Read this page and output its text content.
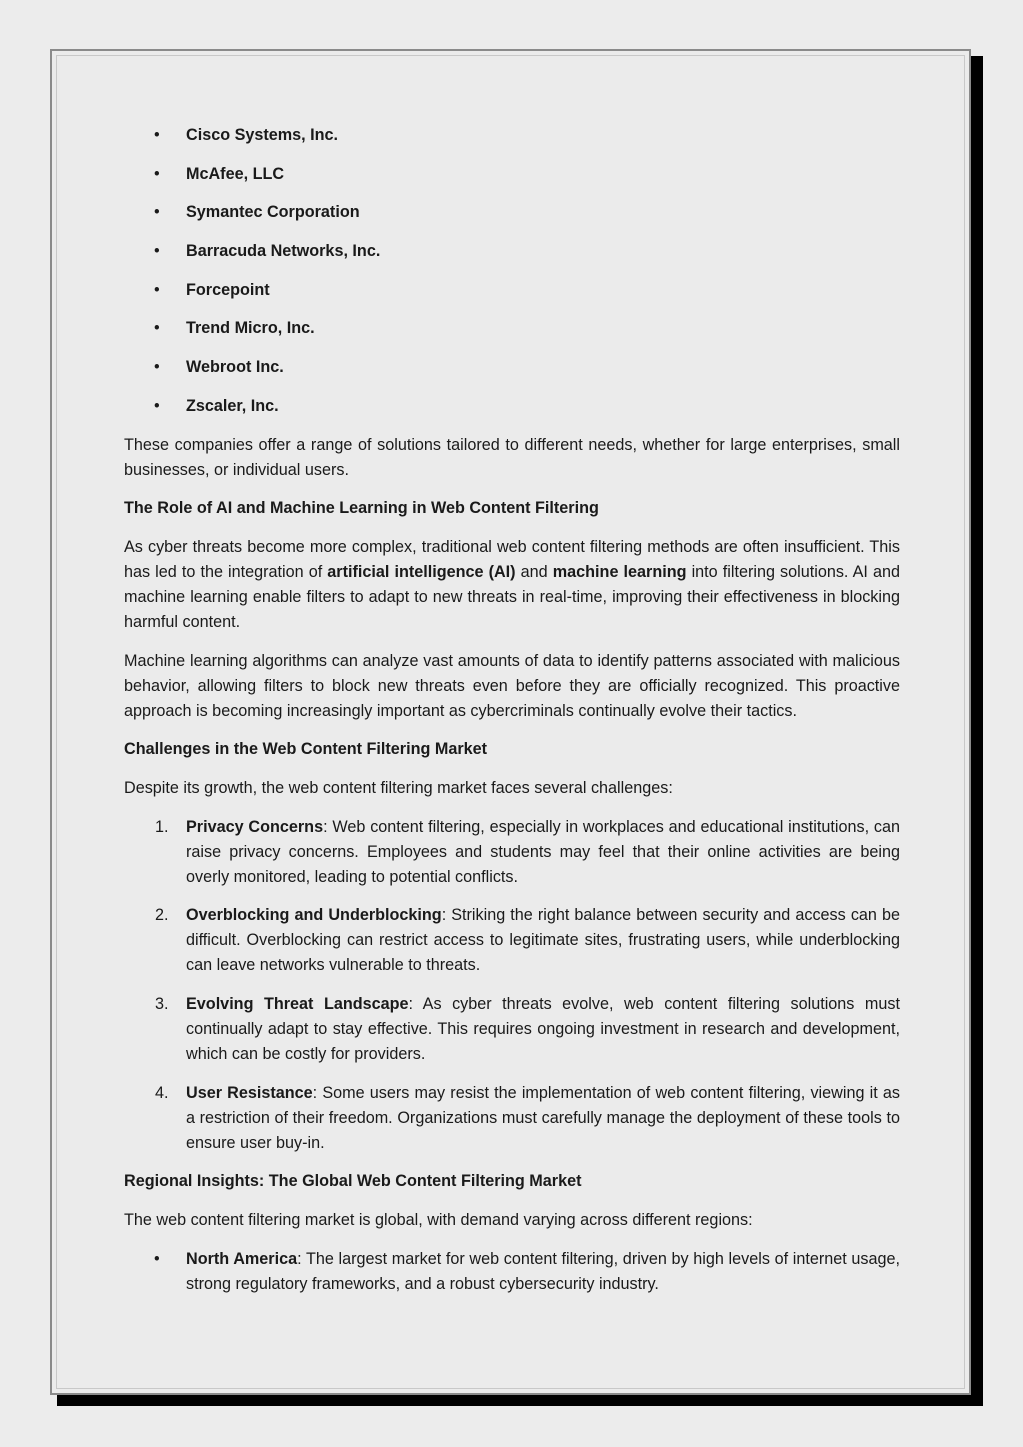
• Cisco Systems, Inc.
• McAfee, LLC
• Symantec Corporation
• Barracuda Networks, Inc.
• Forcepoint
• Trend Micro, Inc.
• Webroot Inc.
• Zscaler, Inc.

These companies offer a range of solutions tailored to different needs, whether for large enterprises, small businesses, or individual users.

The Role of AI and Machine Learning in Web Content Filtering

As cyber threats become more complex, traditional web content filtering methods are often insufficient. This has led to the integration of artificial intelligence (AI) and machine learning into filtering solutions. AI and machine learning enable filters to adapt to new threats in real-time, improving their effectiveness in blocking harmful content.

Machine learning algorithms can analyze vast amounts of data to identify patterns associated with malicious behavior, allowing filters to block new threats even before they are officially recognized. This proactive approach is becoming increasingly important as cybercriminals continually evolve their tactics.

Challenges in the Web Content Filtering Market

Despite its growth, the web content filtering market faces several challenges:

1. Privacy Concerns: Web content filtering, especially in workplaces and educational institutions, can raise privacy concerns. Employees and students may feel that their online activities are being overly monitored, leading to potential conflicts.
2. Overblocking and Underblocking: Striking the right balance between security and access can be difficult. Overblocking can restrict access to legitimate sites, frustrating users, while underblocking can leave networks vulnerable to threats.
3. Evolving Threat Landscape: As cyber threats evolve, web content filtering solutions must continually adapt to stay effective. This requires ongoing investment in research and development, which can be costly for providers.
4. User Resistance: Some users may resist the implementation of web content filtering, viewing it as a restriction of their freedom. Organizations must carefully manage the deployment of these tools to ensure user buy-in.

Regional Insights: The Global Web Content Filtering Market

The web content filtering market is global, with demand varying across different regions:

• North America: The largest market for web content filtering, driven by high levels of internet usage, strong regulatory frameworks, and a robust cybersecurity industry.
